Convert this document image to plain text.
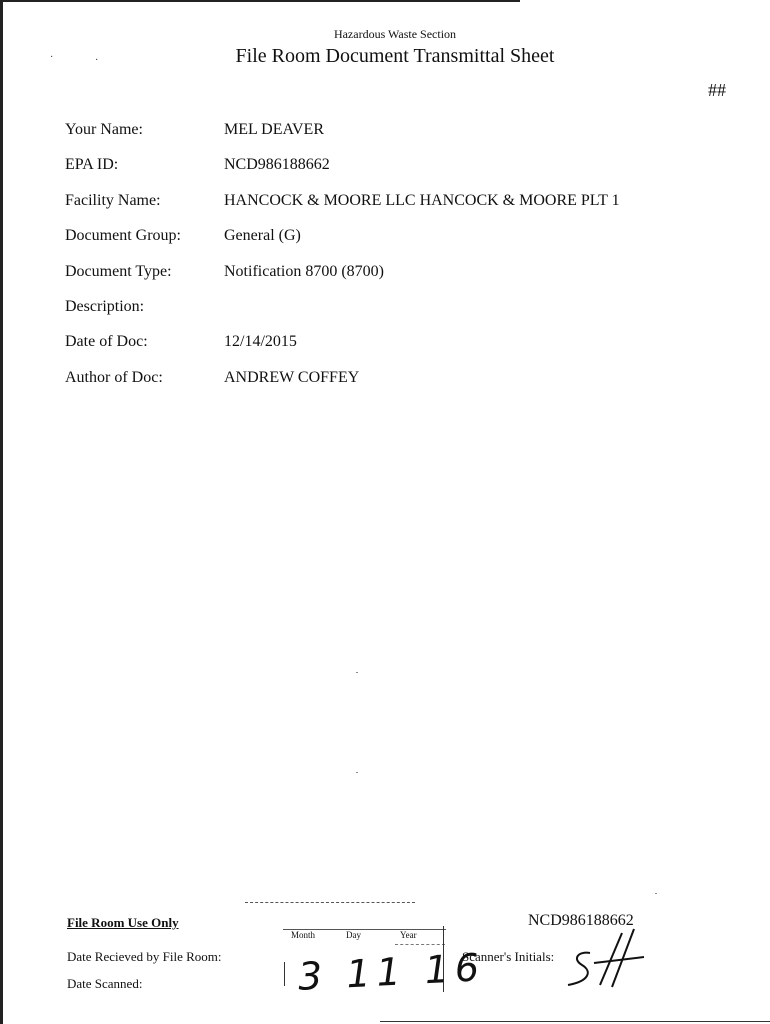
·	·
Hazardous Waste Section
File Room Document Transmittal Sheet
##
Your Name:	MEL DEAVER
EPA ID:	NCD986188662
Facility Name:	HANCOCK & MOORE LLC HANCOCK & MOORE PLT 1
Document Group:	General (G)
Document Type:	Notification 8700 (8700)
Description:
Date of Doc:	12/14/2015
Author of Doc:	ANDREW COFFEY
File Room Use Only
Date Recieved by File Room:
Date Scanned:
Month	Day	Year
3 11 16
NCD986188662
Scanner's Initials:
